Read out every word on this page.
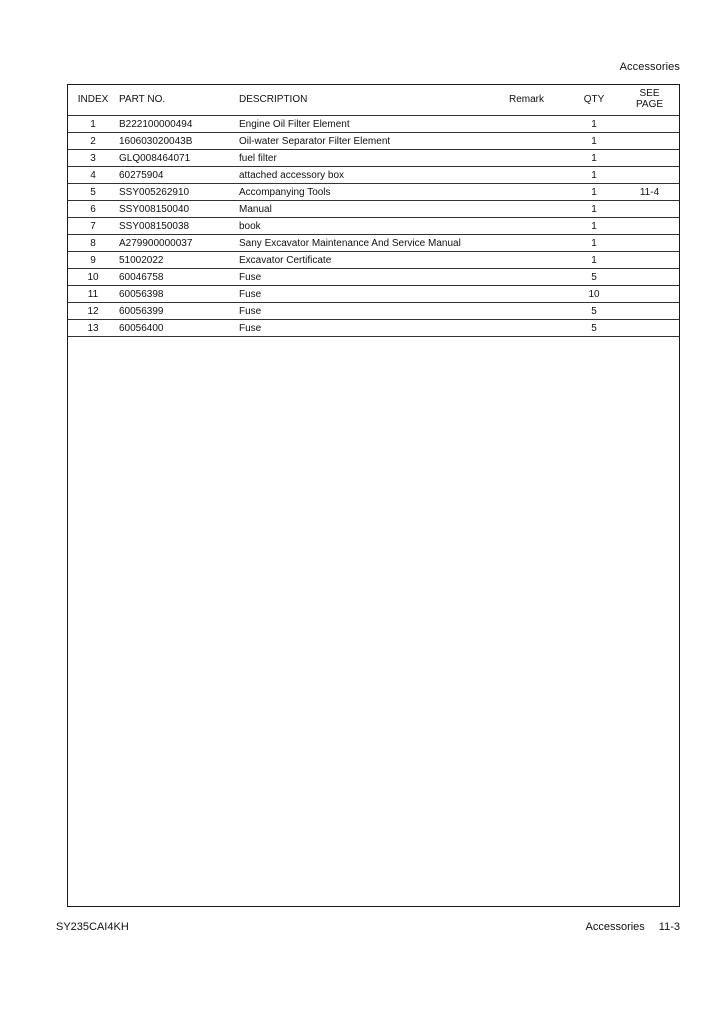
Accessories
INDEX	PART NO.	DESCRIPTION	Remark	QTY	SEE
PAGE

1	B222100000494	Engine Oil Filter Element		1	
2	160603020043B	Oil-water Separator Filter Element		1	
3	GLQ008464071	fuel filter		1	
4	60275904	attached accessory box		1	
5	SSY005262910	Accompanying Tools		1	11-4
6	SSY008150040	Manual		1	
7	SSY008150038	book		1	
8	A279900000037	Sany Excavator Maintenance And Service Manual		1	
9	51002022	Excavator Certificate		1	
10	60046758	Fuse		5	
11	60056398	Fuse		10	
12	60056399	Fuse		5	
13	60056400	Fuse		5	
SY235CAI4KH	Accessories 11-3
